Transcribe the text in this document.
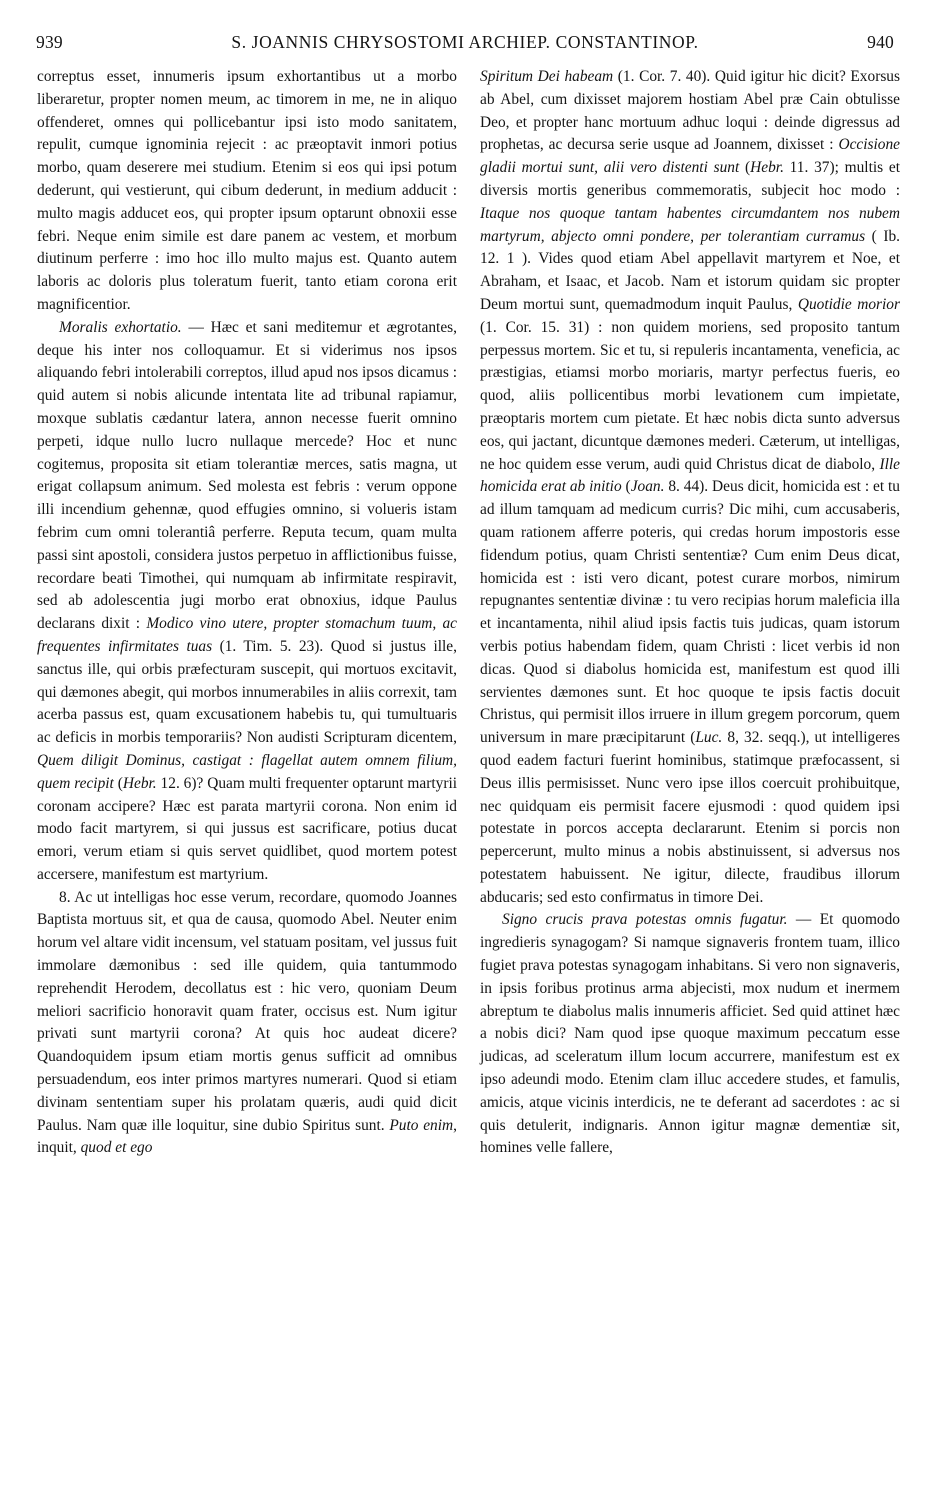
939	S. JOANNIS CHRYSOSTOMI ARCHIEP. CONSTANTINOP.	940

correptus esset, innumeris ipsum exhortantibus ut a morbo liberaretur, propter nomen meum, ac timorem in me, ne in aliquo offenderet, omnes qui pollicebantur ipsi isto modo sanitatem, repulit, cumque ignominia rejecit : ac præoptavit inmori potius morbo, quam deserere mei studium. Etenim si eos qui ipsi potum dederunt, qui vestierunt, qui cibum dederunt, in medium adducit : multo magis adducet eos, qui propter ipsum optarunt obnoxii esse febri. Neque enim simile est dare panem ac vestem, et morbum diutinum perferre : imo hoc illo multo majus est. Quanto autem laboris ac doloris plus toleratum fuerit, tanto etiam corona erit magnificentior.

Moralis exhortatio. — Hæc et sani meditemur et ægrotantes, deque his inter nos colloquamur. Et si viderimus nos ipsos aliquando febri intolerabili correptos, illud apud nos ipsos dicamus : quid autem si nobis alicunde intentata lite ad tribunal rapiamur, moxque sublatis cædantur latera, annon necesse fuerit omnino perpeti, idque nullo lucro nullaque mercede? Hoc et nunc cogitemus, proposita sit etiam tolerantiæ merces, satis magna, ut erigat collapsum animum. Sed molesta est febris : verum oppone illi incendium gehennæ, quod effugies omnino, si volueris istam febrim cum omni tolerantiâ perferre. Reputa tecum, quam multa passi sint apostoli, considera justos perpetuo in afflictionibus fuisse, recordare beati Timothei, qui numquam ab infirmitate respiravit, sed ab adolescentia jugi morbo erat obnoxius, idque Paulus declarans dixit : Modico vino utere, propter stomachum tuum, ac frequentes infirmitates tuas (1. Tim. 5. 23). Quod si justus ille, sanctus ille, qui orbis præfecturam suscepit, qui mortuos excitavit, qui dæmones abegit, qui morbos innumerabiles in aliis correxit, tam acerba passus est, quam excusationem habebis tu, qui tumultuaris ac deficis in morbis temporariis? Non audisti Scripturam dicentem, Quem diligit Dominus, castigat : flagellat autem omnem filium, quem recipit (Hebr. 12. 6)? Quam multi frequenter optarunt martyrii coronam accipere? Hæc est parata martyrii corona. Non enim id modo facit martyrem, si qui jussus est sacrificare, potius ducat emori, verum etiam si quis servet quidlibet, quod mortem potest accersere, manifestum est martyrium.

8. Ac ut intelligas hoc esse verum, recordare, quomodo Joannes Baptista mortuus sit, et qua de causa, quomodo Abel. Neuter enim horum vel altare vidit incensum, vel statuam positam, vel jussus fuit immolare dæmonibus : sed ille quidem, quia tantummodo reprehendit Herodem, decollatus est : hic vero, quoniam Deum meliori sacrificio honoravit quam frater, occisus est. Num igitur privati sunt martyrii corona? At quis hoc audeat dicere? Quandoquidem ipsum etiam mortis genus sufficit ad omnibus persuadendum, eos inter primos martyres numerari. Quod si etiam divinam sententiam super his prolatam quæris, audi quid dicit Paulus. Nam quæ ille loquitur, sine dubio Spiritus sunt. Puto enim, inquit, quod et ego

Spiritum Dei habeam (1. Cor. 7. 40). Quid igitur hic dicit? Exorsus ab Abel, cum dixisset majorem hostiam Abel præ Cain obtulisse Deo, et propter hanc mortuum adhuc loqui : deinde digressus ad prophetas, ac decursa serie usque ad Joannem, dixisset : Occisione gladii mortui sunt, alii vero distenti sunt (Hebr. 11. 37); multis et diversis mortis generibus commemoratis, subjecit hoc modo : Itaque nos quoque tantam habentes circumdantem nos nubem martyrum, abjecto omni pondere, per tolerantiam curramus ( Ib. 12. 1 ). Vides quod etiam Abel appellavit martyrem et Noe, et Abraham, et Isaac, et Jacob. Nam et istorum quidam sic propter Deum mortui sunt, quemadmodum inquit Paulus, Quotidie morior (1. Cor. 15. 31) : non quidem moriens, sed proposito tantum perpessus mortem. Sic et tu, si repuleris incantamenta, veneficia, ac præstigias, etiamsi morbo moriaris, martyr perfectus fueris, eo quod, aliis pollicentibus morbi levationem cum impietate, præoptaris mortem cum pietate. Et hæc nobis dicta sunto adversus eos, qui jactant, dicuntque dæmones mederi. Cæterum, ut intelligas, ne hoc quidem esse verum, audi quid Christus dicat de diabolo, Ille homicida erat ab initio (Joan. 8. 44). Deus dicit, homicida est : et tu ad illum tamquam ad medicum curris? Dic mihi, cum accusaberis, quam rationem afferre poteris, qui credas horum impostoris esse fidendum potius, quam Christi sententiæ? Cum enim Deus dicat, homicida est : isti vero dicant, potest curare morbos, nimirum repugnantes sententiæ divinæ : tu vero recipias horum maleficia illa et incantamenta, nihil aliud ipsis factis tuis judicas, quam istorum verbis potius habendam fidem, quam Christi : licet verbis id non dicas. Quod si diabolus homicida est, manifestum est quod illi servientes dæmones sunt. Et hoc quoque te ipsis factis docuit Christus, qui permisit illos irruere in illum gregem porcorum, quem universum in mare præcipitarunt (Luc. 8, 32. seqq.), ut intelligeres quod eadem facturi fuerint hominibus, statimque præfocassent, si Deus illis permisisset. Nunc vero ipse illos coercuit prohibuitque, nec quidquam eis permisit facere ejusmodi : quod quidem ipsi potestate in porcos accepta declararunt. Etenim si porcis non pepercerunt, multo minus a nobis abstinuissent, si adversus nos potestatem habuissent. Ne igitur, dilecte, fraudibus illorum abducaris; sed esto confirmatus in timore Dei.

Signo crucis prava potestas omnis fugatur. — Et quomodo ingredieris synagogam? Si namque signaveris frontem tuam, illico fugiet prava potestas synagogam inhabitans. Si vero non signaveris, in ipsis foribus protinus arma abjecisti, mox nudum et inermem abreptum te diabolus malis innumeris afficiet. Sed quid attinet hæc a nobis dici? Nam quod ipse quoque maximum peccatum esse judicas, ad sceleratum illum locum accurrere, manifestum est ex ipso adeundi modo. Etenim clam illuc accedere studes, et famulis, amicis, atque vicinis interdicis, ne te deferant ad sacerdotes : ac si quis detulerit, indignaris. Annon igitur magnæ dementiæ sit, homines velle fallere,
